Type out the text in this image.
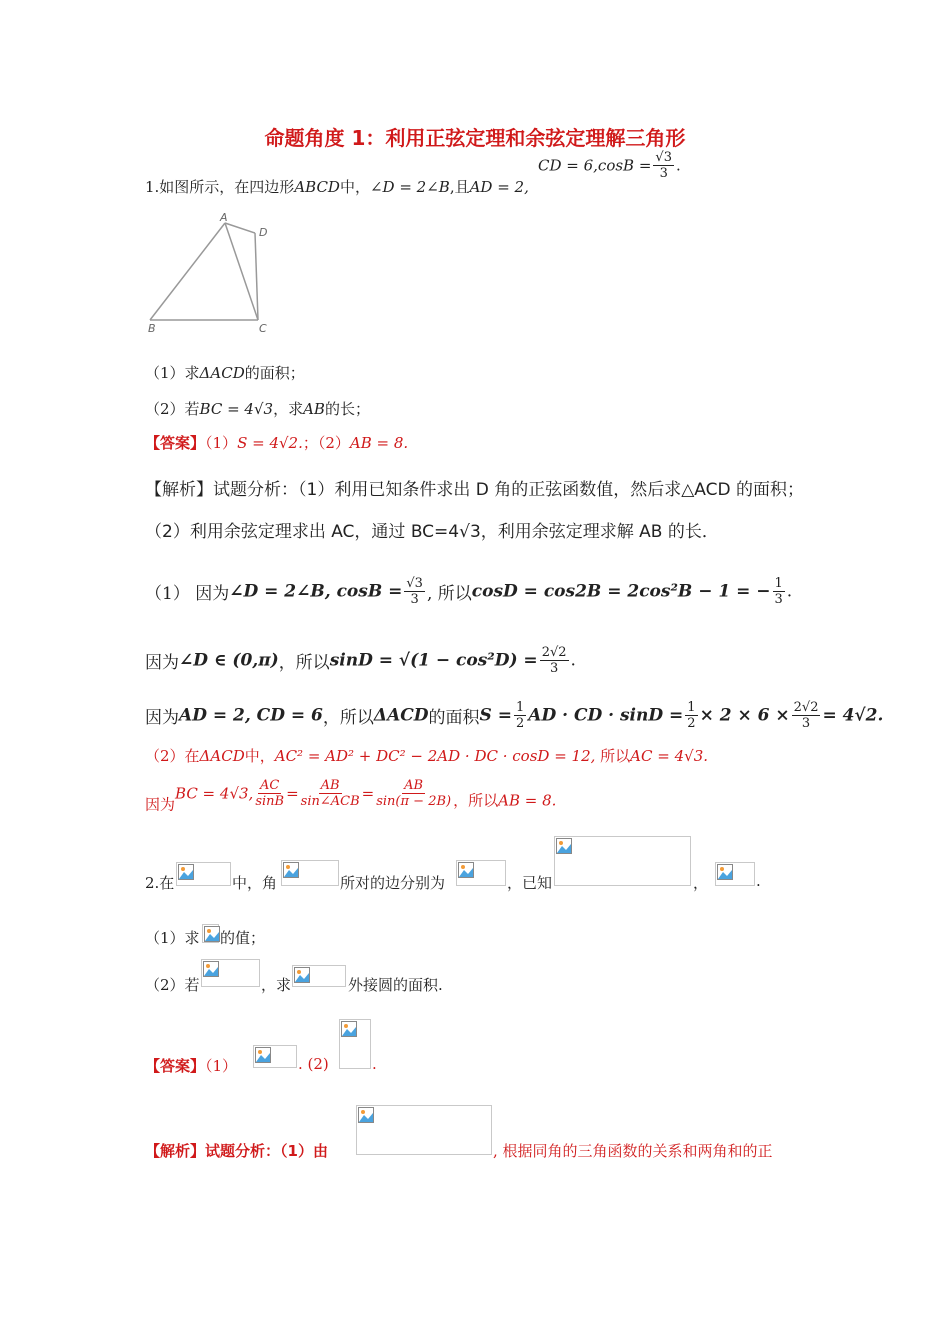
命题角度 1：利用正弦定理和余弦定理解三角形
1.如图所示，在四边形ABCD中，∠D = 2∠B,且AD = 2,
CD = $6,\cos B = \frac{√3}{3}$ .
A
D
B	C
（1）求ΔACD的面积；
（2）若BC = 4√3，求AB的长；
【答案】（1）S = 4√2.；（2）AB = 8.
【解析】试题分析：（1）利用已知条件求出 D 角的正弦函数值，然后求△ACD 的面积；
（2）利用余弦定理求出 AC，通过 BC=4√3，利用余弦定理求解 AB 的长．
（1） 因为∠D = 2∠B, $\cos B = \frac{√3}{3}$ , 所以cosD = cos2B = 2cos²B − 1 = − $\frac{1}{3}$ .
因为∠D ∈ (0,π)，所以$\sin D = √(1 - \cos^2D) = \frac{2√2}{3}$ .
因为AD = 2, CD = 6，所以ΔACD的面积$S = \frac{1}{2}$ AD · CD · $\sin D = \frac{1}{2} \times 2 \times 6 \times \frac{2√2}{3} = 4√2$.
（2）在ΔACD中，AC² = AD² + DC² − 2AD · DC · cosD = 12, 所以AC = 4√3.
因为BC = 4√3, $\frac{AC}{\sin B} = \frac{AB}{\text{sin∠ACB}} = \frac{AB}{\sin(\pi - 2B)}$ ，所以AB = 8.
2.在	中，角	所对的边分别为	，已知	，	.
（1）求 的值；
（2）若	，求	外接圆的面积.
【答案】（1）	. (2)	.
【解析】试题分析：（1）由	, 根据同角的三角函数的关系和两角和的正
